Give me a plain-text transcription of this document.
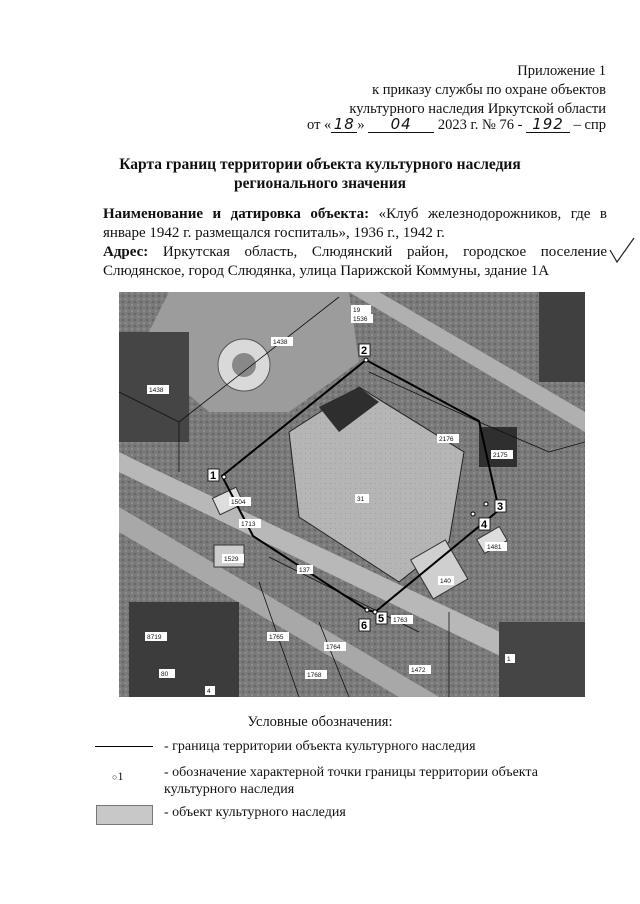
Приложение 1
к приказу службы по охране объектов
культурного наследия Иркутской области
от « 18 » 04 2023 г. № 76 - 192 – спр
Карта границ территории объекта культурного наследия
регионального значения
Наименование и датировка объекта: «Клуб железнодорожников, где в январе 1942 г. размещался госпиталь», 1936 г., 1942 г.
Адрес: Иркутская область, Слюдянский район, городское поселение Слюдянское, город Слюдянка, улица Парижской Коммуны, здание 1А
1
2
3
4
5
6
1438
1438
19
2176
2175
31
1504
1713
1529
137
140
1481
1763
1764
1765
1768
1472
1
8719
80
4
1536
Условные обозначения:
- граница территории объекта культурного наследия
○1	- обозначение характерной точки границы территории объекта культурного наследия
- объект культурного наследия
